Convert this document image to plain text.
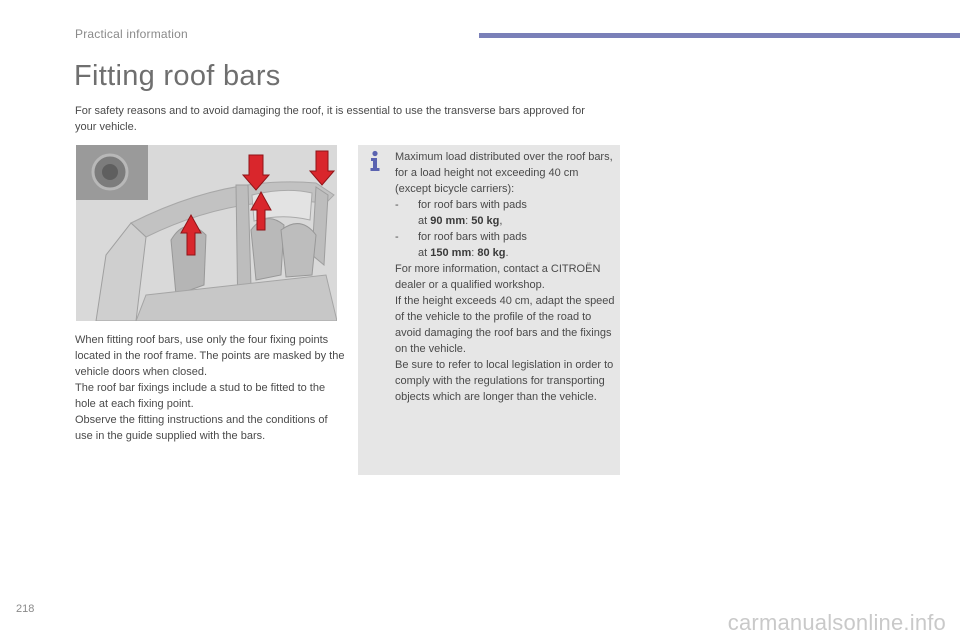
Practical information
Fitting roof bars
For safety reasons and to avoid damaging the roof, it is essential to use the transverse bars approved for your vehicle.

When fitting roof bars, use only the four fixing points located in the roof frame. The points are masked by the vehicle doors when closed.

The roof bar fixings include a stud to be fitted to the hole at each fixing point.

Observe the fitting instructions and the conditions of use in the guide supplied with the bars.

Maximum load distributed over the roof bars, for a load height not exceeding 40 cm (except bicycle carriers):

-	for roof bars with pads
at 90 mm: 50 kg,
-	for roof bars with pads
at 150 mm: 80 kg.

For more information, contact a CITROËN dealer or a qualified workshop.

If the height exceeds 40 cm, adapt the speed of the vehicle to the profile of the road to avoid damaging the roof bars and the fixings on the vehicle.

Be sure to refer to local legislation in order to comply with the regulations for transporting objects which are longer than the vehicle.

218
carmanualsonline.info
